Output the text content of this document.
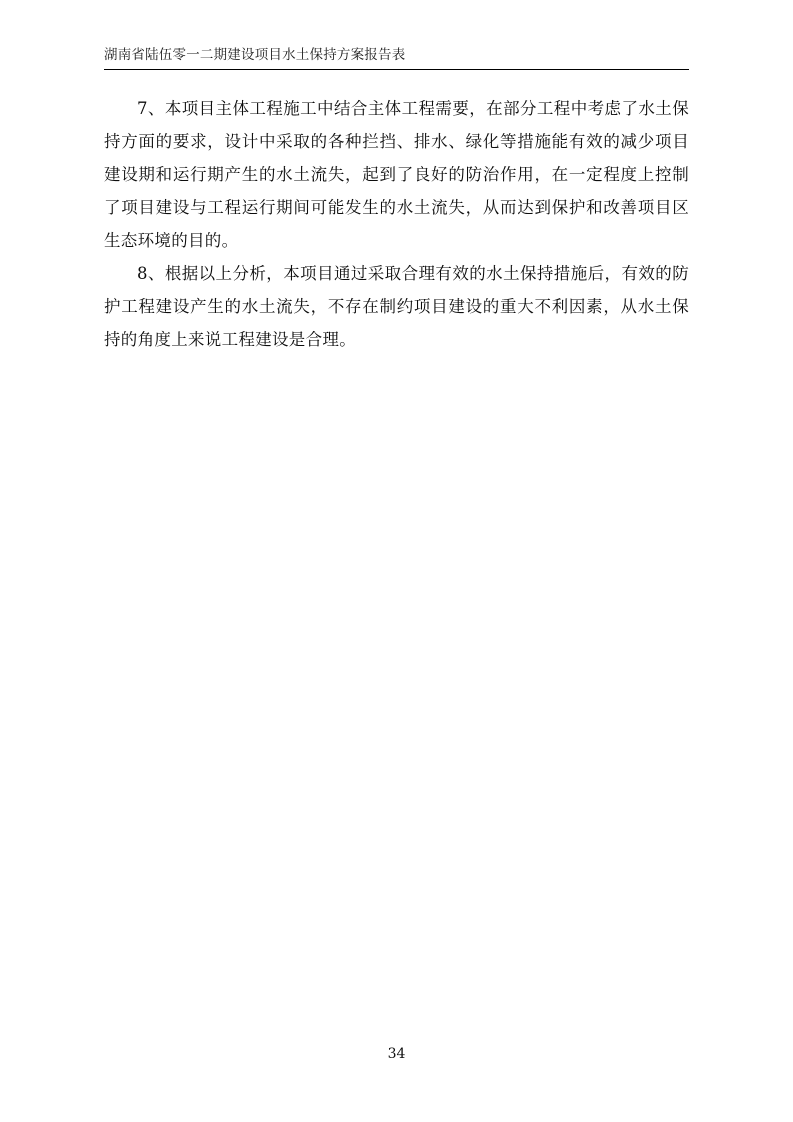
湖南省陆伍零一二期建设项目水土保持方案报告表

7、本项目主体工程施工中结合主体工程需要，在部分工程中考虑了水土保持方面的要求，设计中采取的各种拦挡、排水、绿化等措施能有效的减少项目建设期和运行期产生的水土流失，起到了良好的防治作用，在一定程度上控制了项目建设与工程运行期间可能发生的水土流失，从而达到保护和改善项目区生态环境的目的。

8、根据以上分析，本项目通过采取合理有效的水土保持措施后，有效的防护工程建设产生的水土流失，不存在制约项目建设的重大不利因素，从水土保持的角度上来说工程建设是合理。

34
